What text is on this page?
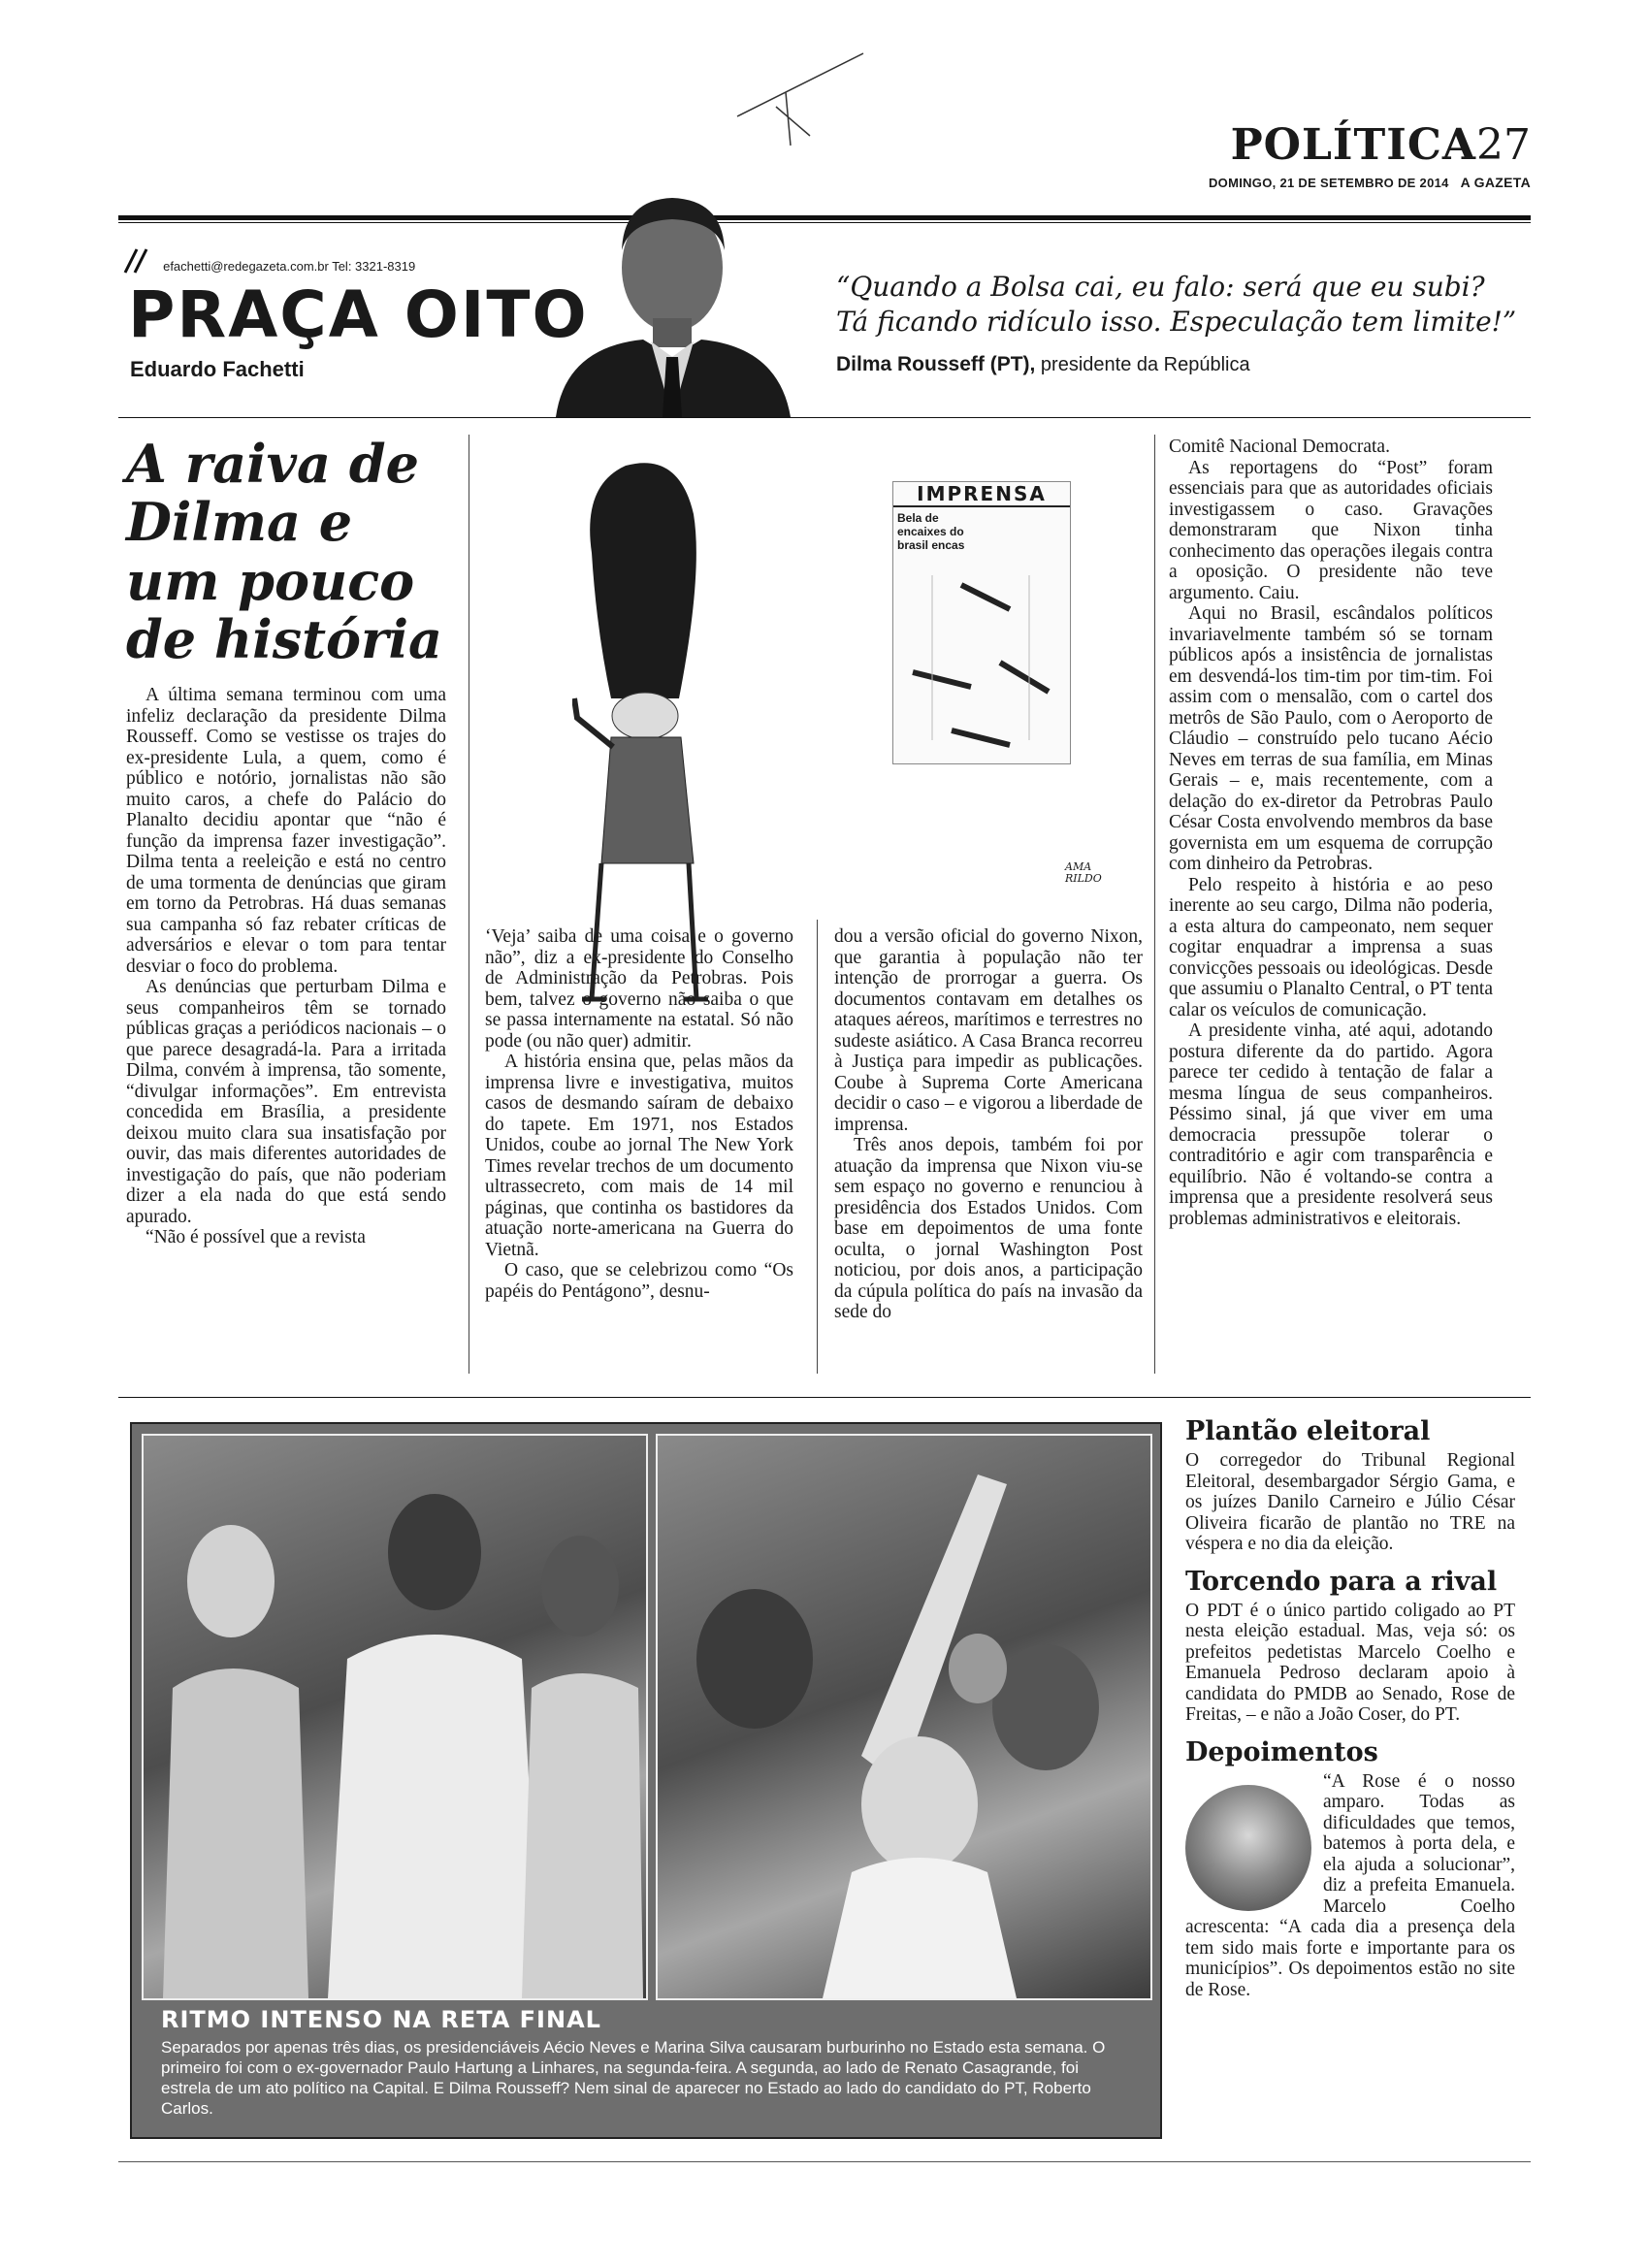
POLÍTICA27
DOMINGO, 21 DE SETEMBRO DE 2014 A GAZETA
efachetti@redegazeta.com.br Tel: 3321-8319
PRAÇA OITO
Eduardo Fachetti
“Quando a Bolsa cai, eu falo: será que eu subi? Tá ficando ridículo isso. Especulação tem limite!”
Dilma Rousseff (PT), presidente da República
A raiva de Dilma e um pouco de história

A última semana terminou com uma infeliz declaração da presidente Dilma Rousseff. Como se vestisse os trajes do ex-presidente Lula, a quem, como é público e notório, jornalistas não são muito caros, a chefe do Palácio do Planalto decidiu apontar que “não é função da imprensa fazer investigação”. Dilma tenta a reeleição e está no centro de uma tormenta de denúncias que giram em torno da Petrobras. Há duas semanas sua campanha só faz rebater críticas de adversários e elevar o tom para tentar desviar o foco do problema.

As denúncias que perturbam Dilma e seus companheiros têm se tornado públicas graças a periódicos nacionais – o que parece desagradá-la. Para a irritada Dilma, convém à imprensa, tão somente, “divulgar informações”. Em entrevista concedida em Brasília, a presidente deixou muito clara sua insatisfação por ouvir, das mais diferentes autoridades de investigação do país, que não poderiam dizer a ela nada do que está sendo apurado.

“Não é possível que a revista

IMPRENSA
Bela de encaixes do brasil encas
AMA RILDO

‘Veja’ saiba de uma coisa e o governo não”, diz a ex-presidente do Conselho de Administração da Petrobras. Pois bem, talvez o governo não saiba o que se passa internamente na estatal. Só não pode (ou não quer) admitir.

A história ensina que, pelas mãos da imprensa livre e investigativa, muitos casos de desmando saíram de debaixo do tapete. Em 1971, nos Estados Unidos, coube ao jornal The New York Times revelar trechos de um documento ultrassecreto, com mais de 14 mil páginas, que continha os bastidores da atuação norte-americana na Guerra do Vietnã.

O caso, que se celebrizou como “Os papéis do Pentágono”, desnu-

dou a versão oficial do governo Nixon, que garantia à população não ter intenção de prorrogar a guerra. Os documentos contavam em detalhes os ataques aéreos, marítimos e terrestres no sudeste asiático. A Casa Branca recorreu à Justiça para impedir as publicações. Coube à Suprema Corte Americana decidir o caso – e vigorou a liberdade de imprensa.

Três anos depois, também foi por atuação da imprensa que Nixon viu-se sem espaço no governo e renunciou à presidência dos Estados Unidos. Com base em depoimentos de uma fonte oculta, o jornal Washington Post noticiou, por dois anos, a participação da cúpula política do país na invasão da sede do

Comitê Nacional Democrata.

As reportagens do “Post” foram essenciais para que as autoridades oficiais investigassem o caso. Gravações demonstraram que Nixon tinha conhecimento das operações ilegais contra a oposição. O presidente não teve argumento. Caiu.

Aqui no Brasil, escândalos políticos invariavelmente também só se tornam públicos após a insistência de jornalistas em desvendá-los tim-tim por tim-tim. Foi assim com o mensalão, com o cartel dos metrôs de São Paulo, com o Aeroporto de Cláudio – construído pelo tucano Aécio Neves em terras de sua família, em Minas Gerais – e, mais recentemente, com a delação do ex-diretor da Petrobras Paulo César Costa envolvendo membros da base governista em um esquema de corrupção com dinheiro da Petrobras.

Pelo respeito à história e ao peso inerente ao seu cargo, Dilma não poderia, a esta altura do campeonato, nem sequer cogitar enquadrar a imprensa a suas convicções pessoais ou ideológicas. Desde que assumiu o Planalto Central, o PT tenta calar os veículos de comunicação.

A presidente vinha, até aqui, adotando postura diferente da do partido. Agora parece ter cedido à tentação de falar a mesma língua de seus companheiros. Péssimo sinal, já que viver em uma democracia pressupõe tolerar o contraditório e agir com transparência e equilíbrio. Não é voltando-se contra a imprensa que a presidente resolverá seus problemas administrativos e eleitorais.

RITMO INTENSO NA RETA FINAL
Separados por apenas três dias, os presidenciáveis Aécio Neves e Marina Silva causaram burburinho no Estado esta semana. O primeiro foi com o ex-governador Paulo Hartung a Linhares, na segunda-feira. A segunda, ao lado de Renato Casagrande, foi estrela de um ato político na Capital. E Dilma Rousseff? Nem sinal de aparecer no Estado ao lado do candidato do PT, Roberto Carlos.
Plantão eleitoral
O corregedor do Tribunal Regional Eleitoral, desembargador Sérgio Gama, e os juízes Danilo Carneiro e Júlio César Oliveira ficarão de plantão no TRE na véspera e no dia da eleição.
Torcendo para a rival
O PDT é o único partido coligado ao PT nesta eleição estadual. Mas, veja só: os prefeitos pedetistas Marcelo Coelho e Emanuela Pedroso declaram apoio à candidata do PMDB ao Senado, Rose de Freitas, – e não a João Coser, do PT.
Depoimentos
“A Rose é o nosso amparo. Todas as dificuldades que temos, batemos à porta dela, e ela ajuda a solucionar”, diz a prefeita Emanuela. Marcelo Coelho acrescenta: “A cada dia a presença dela tem sido mais forte e importante para os municípios”. Os depoimentos estão no site de Rose.
